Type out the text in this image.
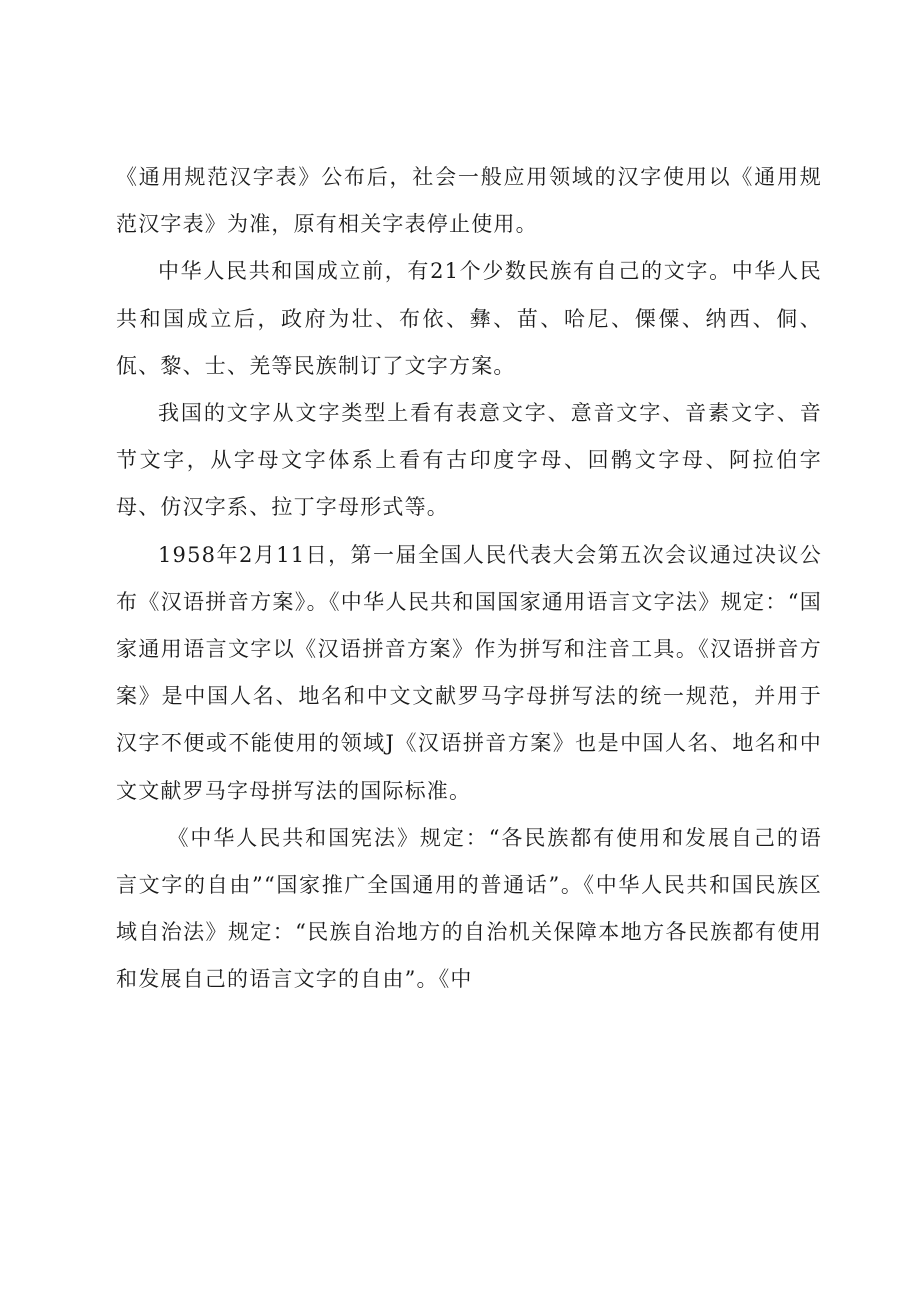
《通用规范汉字表》公布后，社会一般应用领域的汉字使用以《通用规范汉字表》为准，原有相关字表停止使用。

中华人民共和国成立前，有21个少数民族有自己的文字。中华人民共和国成立后，政府为壮、布依、彝、苗、哈尼、傈僳、纳西、侗、佤、黎、士、羌等民族制订了文字方案。

我国的文字从文字类型上看有表意文字、意音文字、音素文字、音节文字，从字母文字体系上看有古印度字母、回鹘文字母、阿拉伯字母、仿汉字系、拉丁字母形式等。

1958年2月11日，第一届全国人民代表大会第五次会议通过决议公布《汉语拼音方案》。《中华人民共和国国家通用语言文字法》规定：“国家通用语言文字以《汉语拼音方案》作为拼写和注音工具。《汉语拼音方案》是中国人名、地名和中文文献罗马字母拼写法的统一规范，并用于汉字不便或不能使用的领域J《汉语拼音方案》也是中国人名、地名和中文文献罗马字母拼写法的国际标准。

《中华人民共和国宪法》规定：“各民族都有使用和发展自己的语言文字的自由”“国家推广全国通用的普通话”。《中华人民共和国民族区域自治法》规定：“民族自治地方的自治机关保障本地方各民族都有使用和发展自己的语言文字的自由”。《中
